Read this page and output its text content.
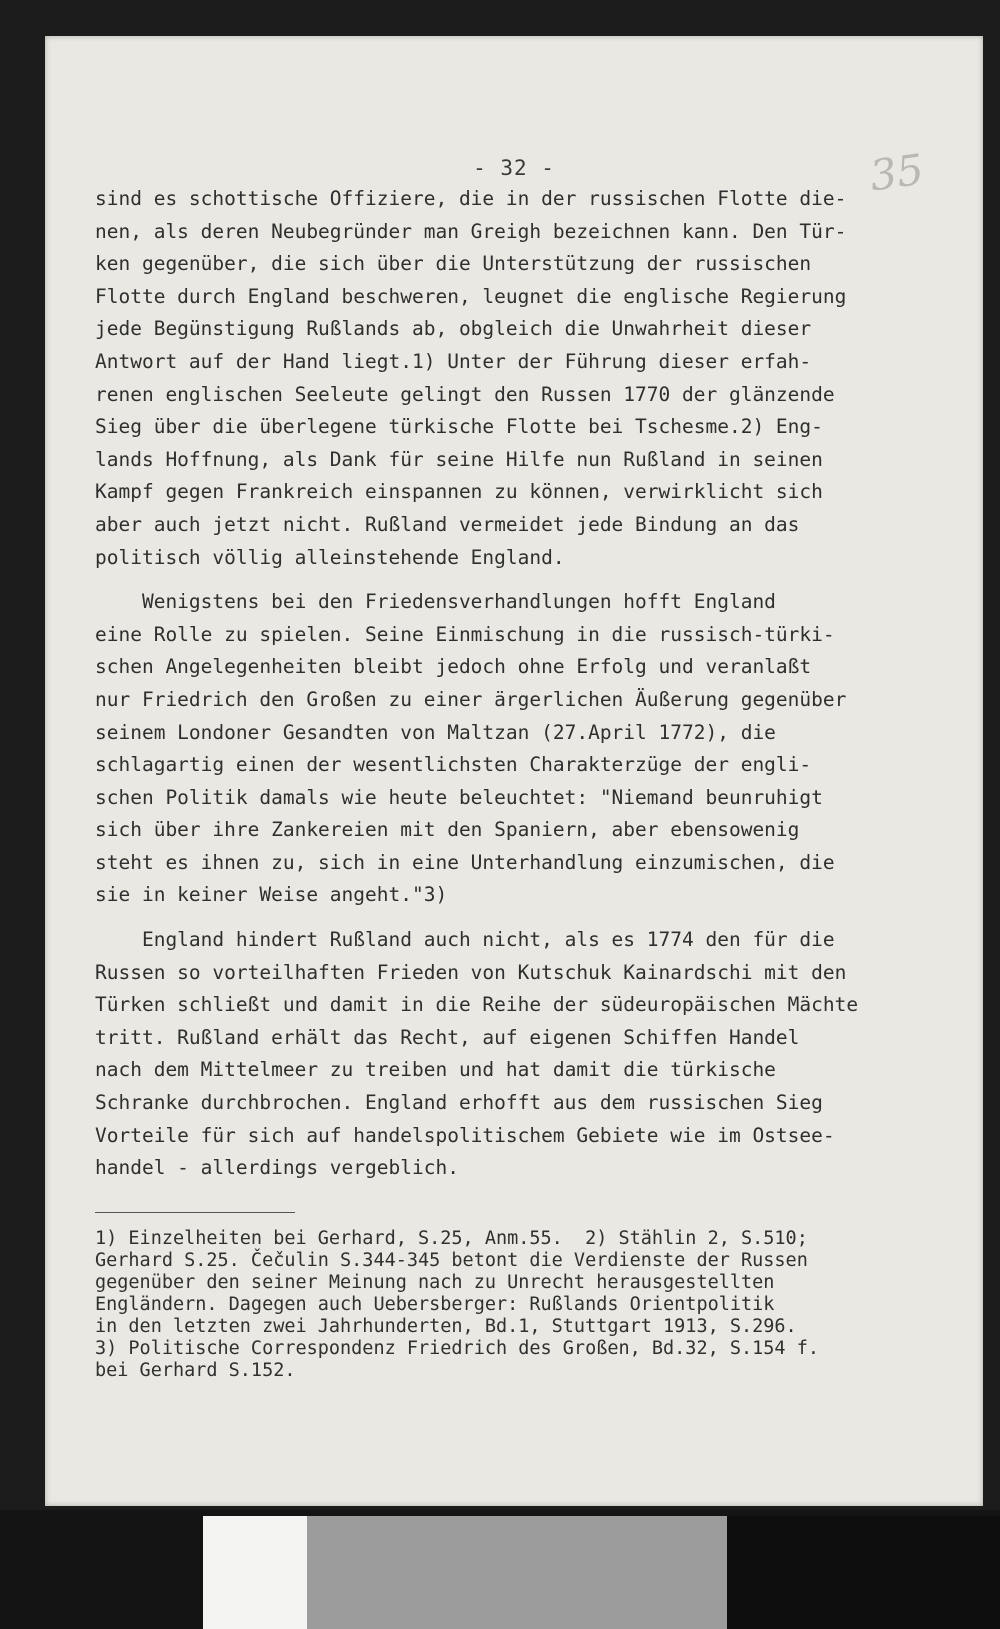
- 32 -	35
sind es schottische Offiziere, die in der russischen Flotte die-
nen, als deren Neubegründer man Greigh bezeichnen kann. Den Tür-
ken gegenüber, die sich über die Unterstützung der russischen
Flotte durch England beschweren, leugnet die englische Regierung
jede Begünstigung Rußlands ab, obgleich die Unwahrheit dieser
Antwort auf der Hand liegt.1) Unter der Führung dieser erfah-
renen englischen Seeleute gelingt den Russen 1770 der glänzende
Sieg über die überlegene türkische Flotte bei Tschesme.2) Eng-
lands Hoffnung, als Dank für seine Hilfe nun Rußland in seinen
Kampf gegen Frankreich einspannen zu können, verwirklicht sich
aber auch jetzt nicht. Rußland vermeidet jede Bindung an das
politisch völlig alleinstehende England.
Wenigstens bei den Friedensverhandlungen hofft England
eine Rolle zu spielen. Seine Einmischung in die russisch-türki-
schen Angelegenheiten bleibt jedoch ohne Erfolg und veranlaßt
nur Friedrich den Großen zu einer ärgerlichen Äußerung gegenüber
seinem Londoner Gesandten von Maltzan (27.April 1772), die
schlagartig einen der wesentlichsten Charakterzüge der engli-
schen Politik damals wie heute beleuchtet: "Niemand beunruhigt
sich über ihre Zankereien mit den Spaniern, aber ebensowenig
steht es ihnen zu, sich in eine Unterhandlung einzumischen, die
sie in keiner Weise angeht."3)
England hindert Rußland auch nicht, als es 1774 den für die
Russen so vorteilhaften Frieden von Kutschuk Kainardschi mit den
Türken schließt und damit in die Reihe der südeuropäischen Mächte
tritt. Rußland erhält das Recht, auf eigenen Schiffen Handel
nach dem Mittelmeer zu treiben und hat damit die türkische
Schranke durchbrochen. England erhofft aus dem russischen Sieg
Vorteile für sich auf handelspolitischem Gebiete wie im Ostsee-
handel - allerdings vergeblich.
1) Einzelheiten bei Gerhard, S.25, Anm.55.  2) Stählin 2, S.510;
Gerhard S.25. Čečulin S.344-345 betont die Verdienste der Russen
gegenüber den seiner Meinung nach zu Unrecht herausgestellten
Engländern. Dagegen auch Uebersberger: Rußlands Orientpolitik
in den letzten zwei Jahrhunderten, Bd.1, Stuttgart 1913, S.296.
3) Politische Correspondenz Friedrich des Großen, Bd.32, S.154 f.
bei Gerhard S.152.
